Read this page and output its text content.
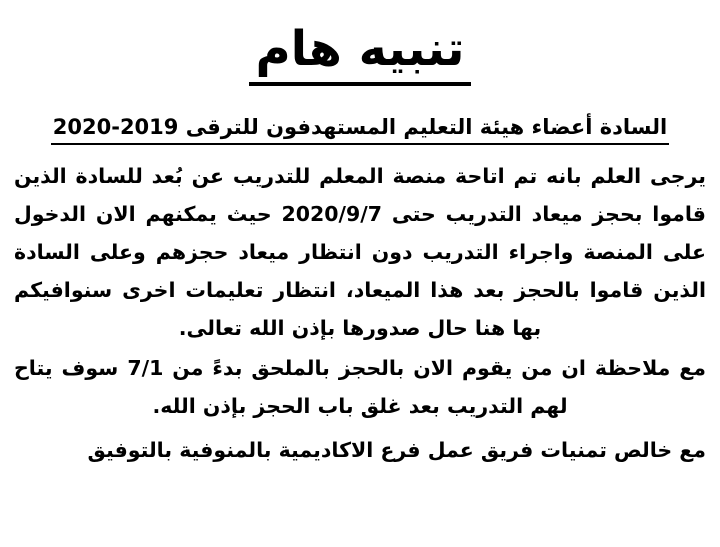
تنبيه هام
السادة أعضاء هيئة التعليم المستهدفون للترقى 2019-2020

يرجى العلم بانه تم اتاحة منصة المعلم للتدريب عن بُعد للسادة الذين قاموا بحجز ميعاد التدريب حتى 2020/9/7 حيث يمكنهم الان الدخول على المنصة واجراء التدريب دون انتظار ميعاد حجزهم وعلى السادة الذين قاموا بالحجز بعد هذا الميعاد، انتظار تعليمات اخرى سنوافيكم بها هنا حال صدورها بإذن الله تعالى.

مع ملاحظة ان من يقوم الان بالحجز بالملحق بدءً من 7/1 سوف يتاح لهم التدريب بعد غلق باب الحجز بإذن الله.

مع خالص تمنيات فريق عمل فرع الاكاديمية بالمنوفية بالتوفيق
